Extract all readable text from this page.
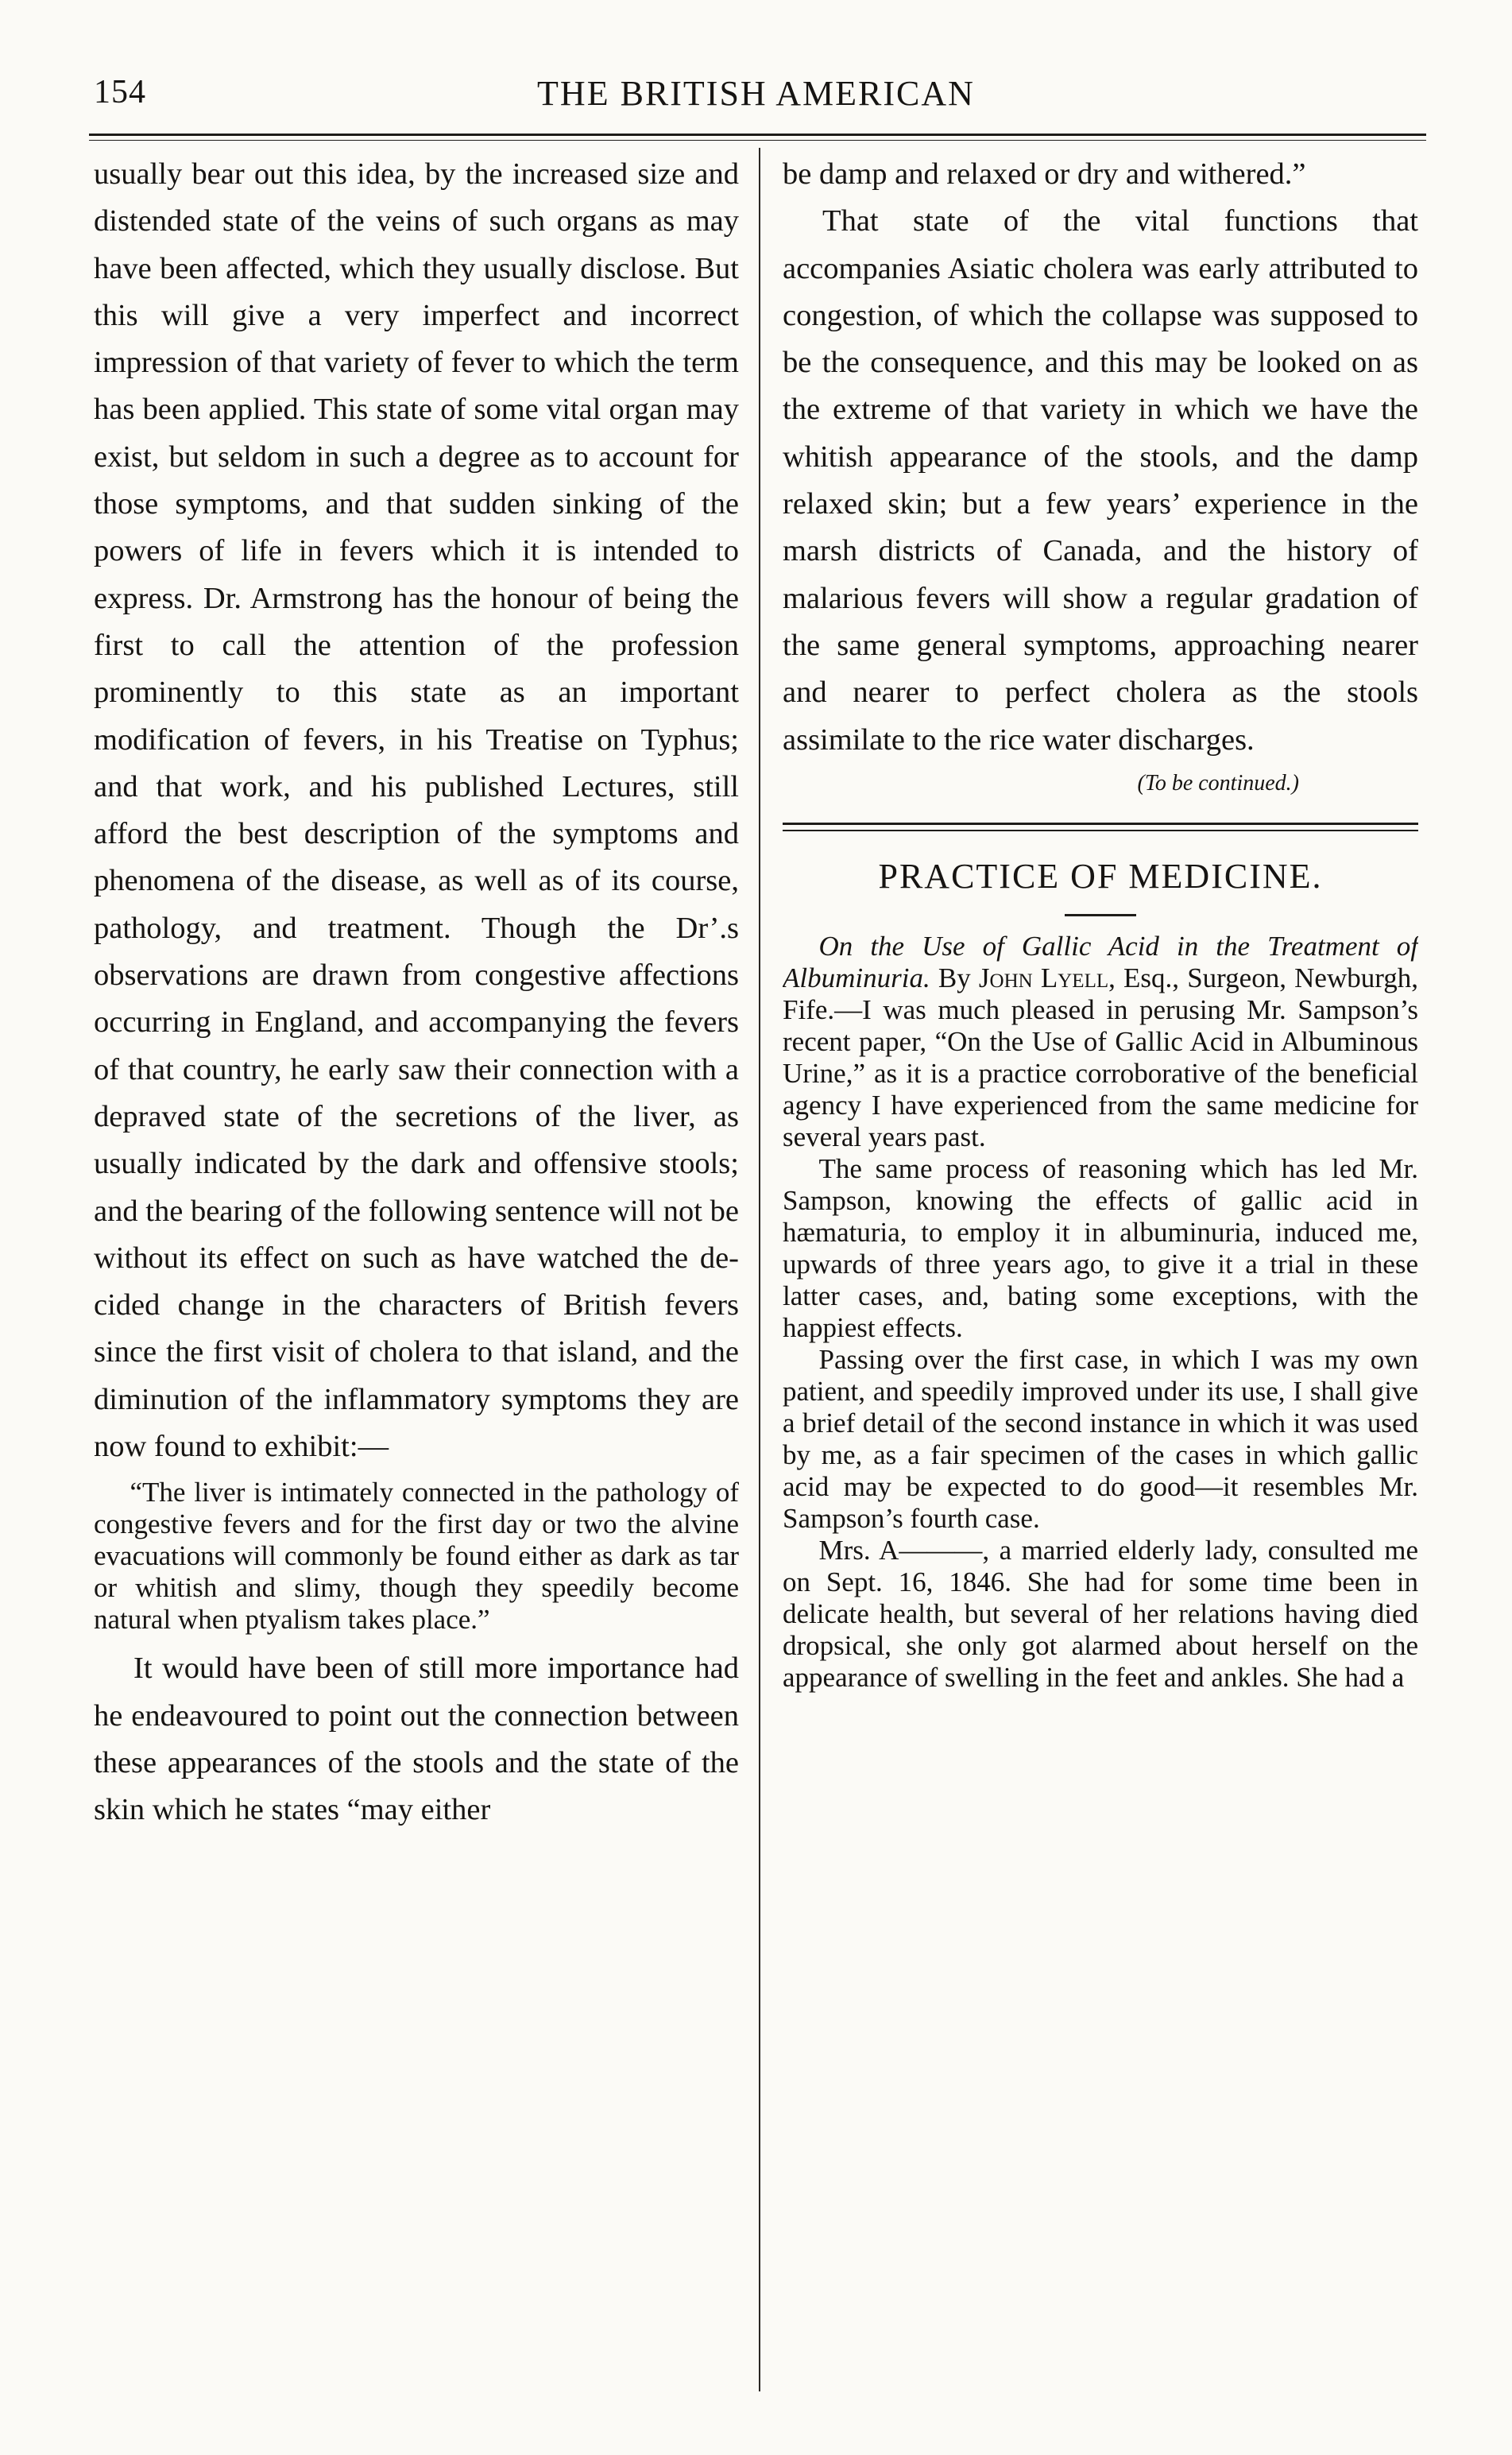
154	THE BRITISH AMERICAN

usually bear out this idea, by the increased size and distended state of the veins of such organs as may have been affected, which they usually disclose. But this will give a very imperfect and incorrect impression of that variety of fever to which the term has been applied. This state of some vital organ may exist, but seldom in such a degree as to account for those symptoms, and that sudden sinking of the powers of life in fevers which it is intended to express. Dr. Armstrong has the honour of being the first to call the attention of the profession prominently to this state as an important modification of fevers, in his Treatise on Typhus; and that work, and his published Lectures, still afford the best description of the symptoms and phenomena of the disease, as well as of its course, pathology, and treatment. Though the Dr’.s observations are drawn from congestive affections occurring in England, and accompanying the fevers of that country, he early saw their connection with a depraved state of the secretions of the liver, as usually indicated by the dark and offensive stools; and the bearing of the following sentence will not be without its effect on such as have watched the decided change in the characters of British fevers since the first visit of cholera to that island, and the diminution of the inflammatory symptoms they are now found to exhibit:—

“The liver is intimately connected in the pathology of congestive fevers and for the first day or two the alvine evacuations will commonly be found either as dark as tar or whitish and slimy, though they speedily become natural when ptyalism takes place.”

It would have been of still more importance had he endeavoured to point out the connection between these appearances of the stools and the state of the skin which he states “may either

be damp and relaxed or dry and withered.”

That state of the vital functions that accompanies Asiatic cholera was early attributed to congestion, of which the collapse was supposed to be the consequence, and this may be looked on as the extreme of that variety in which we have the whitish appearance of the stools, and the damp relaxed skin; but a few years’ experience in the marsh districts of Canada, and the history of malarious fevers will show a regular gradation of the same general symptoms, approaching nearer and nearer to perfect cholera as the stools assimilate to the rice water discharges.

(To be continued.)

PRACTICE OF MEDICINE.

On the Use of Gallic Acid in the Treatment of Albuminuria. By John Lyell, Esq., Surgeon, Newburgh, Fife.—I was much pleased in perusing Mr. Sampson’s recent paper, “On the Use of Gallic Acid in Albuminous Urine,” as it is a practice corroborative of the beneficial agency I have experienced from the same medicine for several years past.

The same process of reasoning which has led Mr. Sampson, knowing the effects of gallic acid in hæmaturia, to employ it in albuminuria, induced me, upwards of three years ago, to give it a trial in these latter cases, and, bating some exceptions, with the happiest effects.

Passing over the first case, in which I was my own patient, and speedily improved under its use, I shall give a brief detail of the second instance in which it was used by me, as a fair specimen of the cases in which gallic acid may be expected to do good—it resembles Mr. Sampson’s fourth case.

Mrs. A———, a married elderly lady, consulted me on Sept. 16, 1846. She had for some time been in delicate health, but several of her relations having died dropsical, she only got alarmed about herself on the appearance of swelling in the feet and ankles. She had a
